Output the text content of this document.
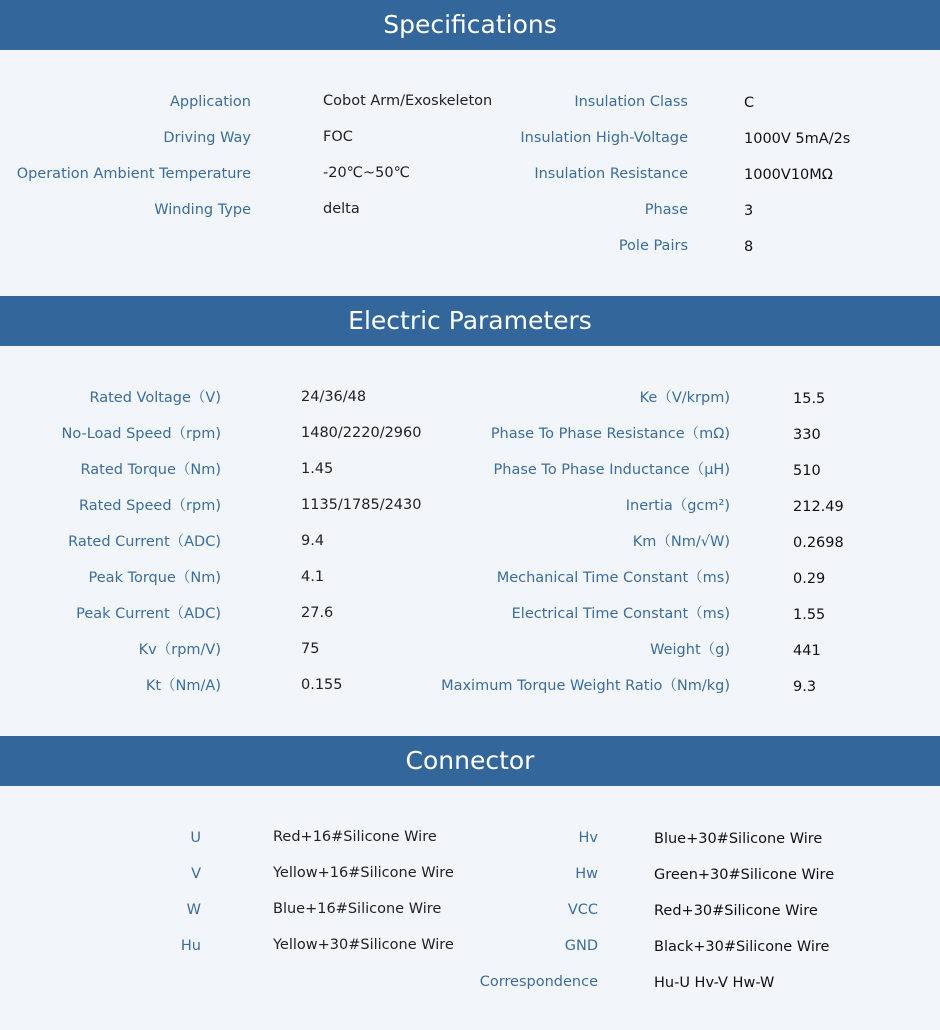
Specifications
Application
Driving Way
Operation Ambient Temperature
Winding Type
Cobot Arm/Exoskeleton
FOC
-20℃~50℃
delta
Insulation Class
Insulation High-Voltage
Insulation Resistance
Phase
Pole Pairs
C
1000V 5mA/2s
1000V10MΩ
3
8
Electric Parameters
Rated Voltage（V)
No-Load Speed（rpm)
Rated Torque（Nm)
Rated Speed（rpm)
Rated Current（ADC)
Peak Torque（Nm)
Peak Current（ADC)
Kv（rpm/V)
Kt（Nm/A)
24/36/48
1480/2220/2960
1.45
1135/1785/2430
9.4
4.1
27.6
75
0.155
Ke（V/krpm)
Phase To Phase Resistance（mΩ)
Phase To Phase Inductance（μH)
Inertia（gcm²)
Km（Nm/√W)
Mechanical Time Constant（ms)
Electrical Time Constant（ms)
Weight（g)
Maximum Torque Weight Ratio（Nm/kg)
15.5
330
510
212.49
0.2698
0.29
1.55
441
9.3
Connector
U
V
W
Hu
Red+16#Silicone Wire
Yellow+16#Silicone Wire
Blue+16#Silicone Wire
Yellow+30#Silicone Wire
Hv
Hw
VCC
GND
Correspondence
Blue+30#Silicone Wire
Green+30#Silicone Wire
Red+30#Silicone Wire
Black+30#Silicone Wire
Hu-U Hv-V Hw-W
